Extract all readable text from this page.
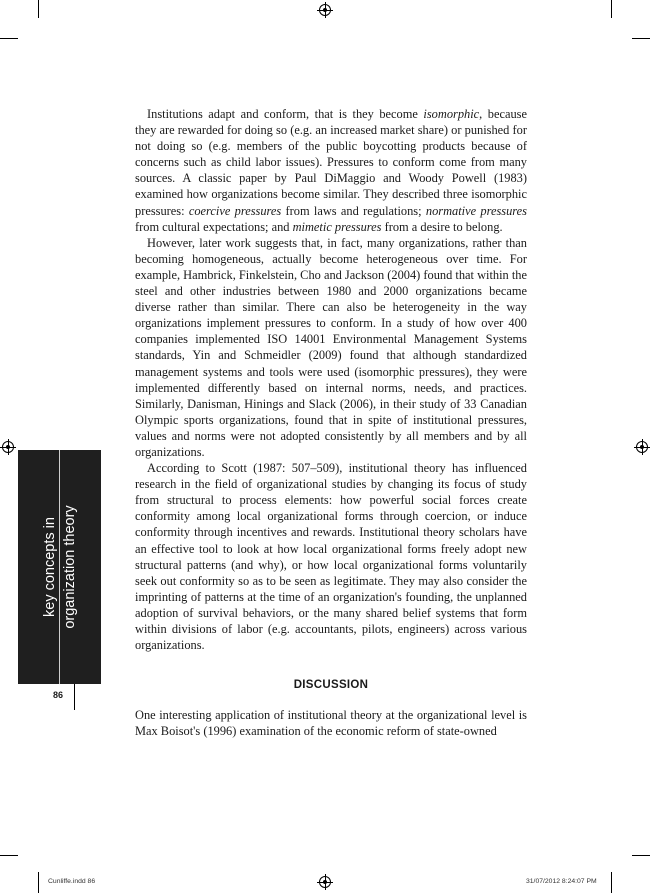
Institutions adapt and conform, that is they become isomorphic, because they are rewarded for doing so (e.g. an increased market share) or punished for not doing so (e.g. members of the public boycotting products because of concerns such as child labor issues). Pressures to conform come from many sources. A classic paper by Paul DiMaggio and Woody Powell (1983) examined how organizations become similar. They described three isomorphic pressures: coercive pressures from laws and regulations; normative pressures from cultural expectations; and mimetic pressures from a desire to belong.

However, later work suggests that, in fact, many organizations, rather than becoming homogeneous, actually become heterogeneous over time. For example, Hambrick, Finkelstein, Cho and Jackson (2004) found that within the steel and other industries between 1980 and 2000 organizations became diverse rather than similar. There can also be heterogeneity in the way organizations implement pressures to conform. In a study of how over 400 companies implemented ISO 14001 Environmental Management Systems standards, Yin and Schmeidler (2009) found that although standardized management systems and tools were used (isomorphic pressures), they were implemented differently based on internal norms, needs, and practices. Similarly, Danisman, Hinings and Slack (2006), in their study of 33 Canadian Olympic sports organizations, found that in spite of institutional pressures, values and norms were not adopted consistently by all members and by all organizations.

According to Scott (1987: 507–509), institutional theory has influenced research in the field of organizational studies by changing its focus of study from structural to process elements: how powerful social forces create conformity among local organizational forms through coercion, or induce conformity through incentives and rewards. Institutional theory scholars have an effective tool to look at how local organizational forms freely adopt new structural patterns (and why), or how local organizational forms voluntarily seek out conformity so as to be seen as legitimate. They may also consider the imprinting of patterns at the time of an organization's founding, the unplanned adoption of survival behaviors, or the many shared belief systems that form within divisions of labor (e.g. accountants, pilots, engineers) across various organizations.

DISCUSSION

One interesting application of institutional theory at the organizational level is Max Boisot's (1996) examination of the economic reform of state-owned

key concepts in organization theory
86
Cunliffe.indd 86	31/07/2012 8:24:07 PM
